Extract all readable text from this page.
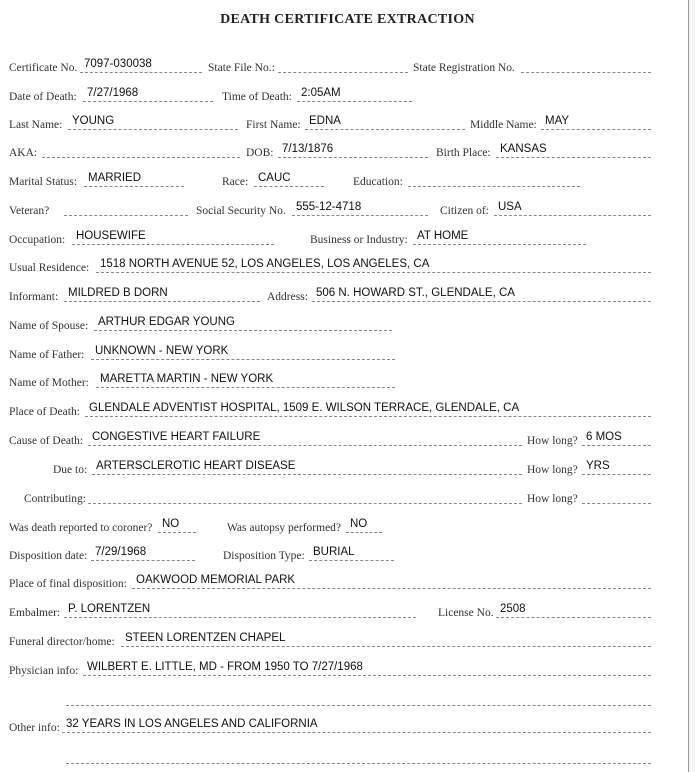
DEATH CERTIFICATE EXTRACTION
Certificate No. 7097-030038	State File No.:	State Registration No.
Date of Death: 7/27/1968	Time of Death: 2:05AM
Last Name: YOUNG	First Name: EDNA	Middle Name: MAY
AKA:	DOB: 7/13/1876	Birth Place: KANSAS
Marital Status: MARRIED	Race: CAUC	Education:
Veteran?	Social Security No. 555-12-4718	Citizen of: USA
Occupation: HOUSEWIFE	Business or Industry: AT HOME
Usual Residence: 1518 NORTH AVENUE 52, LOS ANGELES, LOS ANGELES, CA
Informant: MILDRED B DORN	Address: 506 N. HOWARD ST., GLENDALE, CA
Name of Spouse: ARTHUR EDGAR YOUNG
Name of Father: UNKNOWN - NEW YORK
Name of Mother: MARETTA MARTIN - NEW YORK
Place of Death: GLENDALE ADVENTIST HOSPITAL, 1509 E. WILSON TERRACE, GLENDALE, CA
Cause of Death: CONGESTIVE HEART FAILURE	How long? 6 MOS
Due to: ARTERSCLEROTIC HEART DISEASE	How long? YRS
Contributing:	How long?
Was death reported to coroner? NO	Was autopsy performed? NO
Disposition date: 7/29/1968	Disposition Type: BURIAL
Place of final disposition: OAKWOOD MEMORIAL PARK
Embalmer: P. LORENTZEN	License No. 2508
Funeral director/home: STEEN LORENTZEN CHAPEL
Physician info: WILBERT E. LITTLE, MD - FROM 1950 TO 7/27/1968
Other info: 32 YEARS IN LOS ANGELES AND CALIFORNIA
